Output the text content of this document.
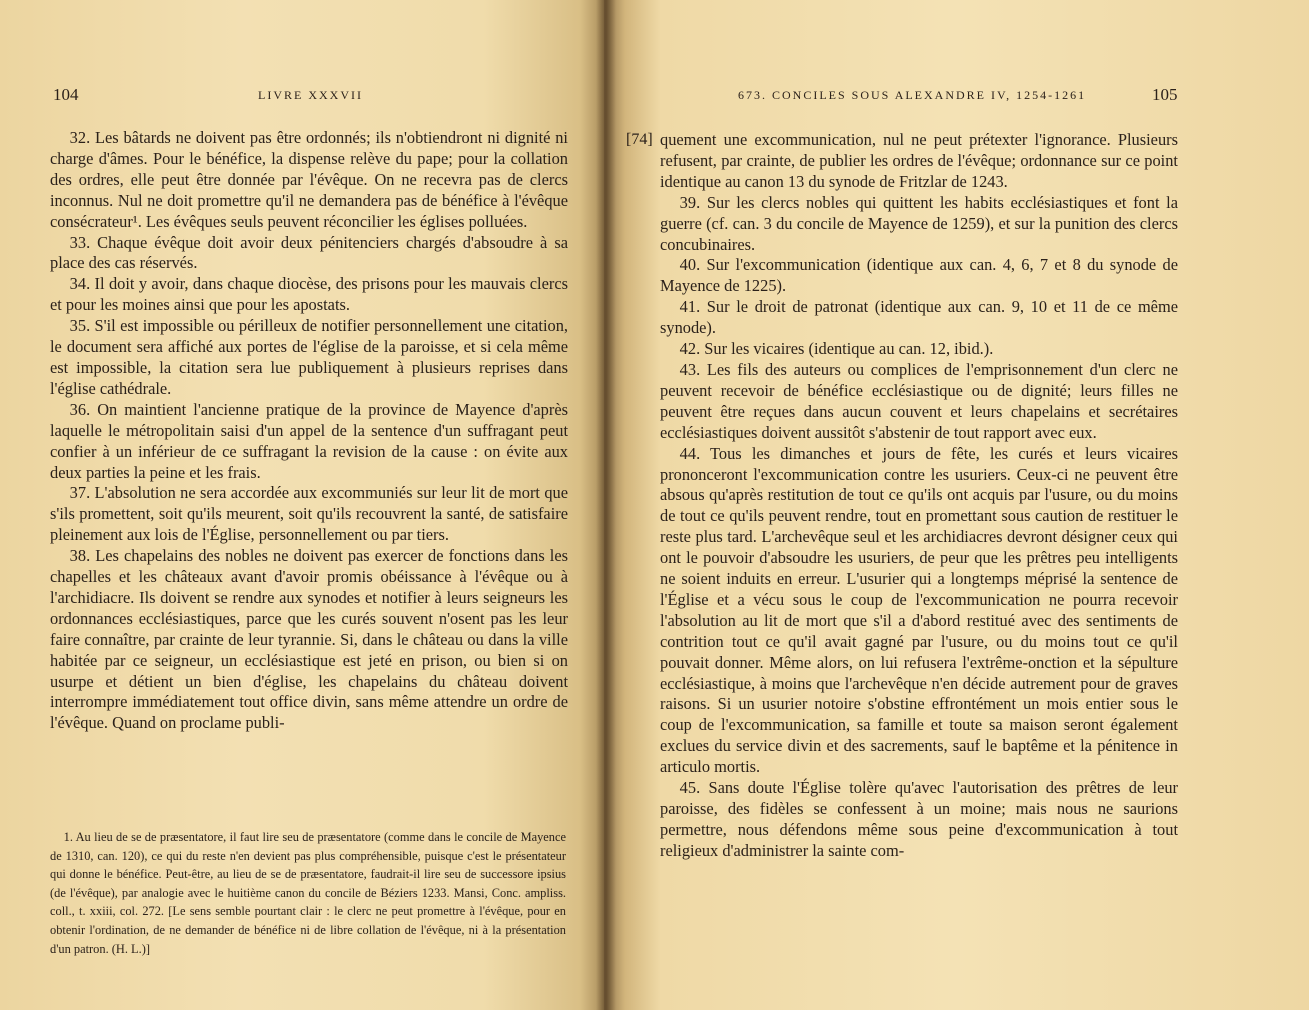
104	LIVRE XXXVII

32. Les bâtards ne doivent pas être ordonnés; ils n'obtiendront ni dignité ni charge d'âmes. Pour le bénéfice, la dispense relève du pape; pour la collation des ordres, elle peut être donnée par l'évêque. On ne recevra pas de clercs inconnus. Nul ne doit promettre qu'il ne demandera pas de bénéfice à l'évêque consécrateur¹. Les évêques seuls peuvent réconcilier les églises polluées.

33. Chaque évêque doit avoir deux pénitenciers chargés d'absoudre à sa place des cas réservés.

34. Il doit y avoir, dans chaque diocèse, des prisons pour les mauvais clercs et pour les moines ainsi que pour les apostats.

35. S'il est impossible ou périlleux de notifier personnellement une citation, le document sera affiché aux portes de l'église de la paroisse, et si cela même est impossible, la citation sera lue publiquement à plusieurs reprises dans l'église cathédrale.

36. On maintient l'ancienne pratique de la province de Mayence d'après laquelle le métropolitain saisi d'un appel de la sentence d'un suffragant peut confier à un inférieur de ce suffragant la revision de la cause : on évite aux deux parties la peine et les frais.

37. L'absolution ne sera accordée aux excommuniés sur leur lit de mort que s'ils promettent, soit qu'ils meurent, soit qu'ils recouvrent la santé, de satisfaire pleinement aux lois de l'Église, personnellement ou par tiers.

38. Les chapelains des nobles ne doivent pas exercer de fonctions dans les chapelles et les châteaux avant d'avoir promis obéissance à l'évêque ou à l'archidiacre. Ils doivent se rendre aux synodes et notifier à leurs seigneurs les ordonnances ecclésiastiques, parce que les curés souvent n'osent pas les leur faire connaître, par crainte de leur tyrannie. Si, dans le château ou dans la ville habitée par ce seigneur, un ecclésiastique est jeté en prison, ou bien si on usurpe et détient un bien d'église, les chapelains du château doivent interrompre immédiatement tout office divin, sans même attendre un ordre de l'évêque. Quand on proclame publi-

1. Au lieu de se de præsentatore, il faut lire seu de præsentatore (comme dans le concile de Mayence de 1310, can. 120), ce qui du reste n'en devient pas plus compréhensible, puisque c'est le présentateur qui donne le bénéfice. Peut-être, au lieu de se de præsentatore, faudrait-il lire seu de successore ipsius (de l'évêque), par analogie avec le huitième canon du concile de Béziers 1233. Mansi, Conc. ampliss. coll., t. xxiii, col. 272. [Le sens semble pourtant clair : le clerc ne peut promettre à l'évêque, pour en obtenir l'ordination, de ne demander de bénéfice ni de libre collation de l'évêque, ni à la présentation d'un patron. (H. L.)]

673. CONCILES SOUS ALEXANDRE IV, 1254-1261	105
[74] quement une excommunication, nul ne peut prétexter l'ignorance. Plusieurs refusent, par crainte, de publier les ordres de l'évêque; ordonnance sur ce point identique au canon 13 du synode de Fritzlar de 1243.

39. Sur les clercs nobles qui quittent les habits ecclésiastiques et font la guerre (cf. can. 3 du concile de Mayence de 1259), et sur la punition des clercs concubinaires.

40. Sur l'excommunication (identique aux can. 4, 6, 7 et 8 du synode de Mayence de 1225).

41. Sur le droit de patronat (identique aux can. 9, 10 et 11 de ce même synode).

42. Sur les vicaires (identique au can. 12, ibid.).

43. Les fils des auteurs ou complices de l'emprisonnement d'un clerc ne peuvent recevoir de bénéfice ecclésiastique ou de dignité; leurs filles ne peuvent être reçues dans aucun couvent et leurs chapelains et secrétaires ecclésiastiques doivent aussitôt s'abstenir de tout rapport avec eux.

44. Tous les dimanches et jours de fête, les curés et leurs vicaires prononceront l'excommunication contre les usuriers. Ceux-ci ne peuvent être absous qu'après restitution de tout ce qu'ils ont acquis par l'usure, ou du moins de tout ce qu'ils peuvent rendre, tout en promettant sous caution de restituer le reste plus tard. L'archevêque seul et les archidiacres devront désigner ceux qui ont le pouvoir d'absoudre les usuriers, de peur que les prêtres peu intelligents ne soient induits en erreur. L'usurier qui a longtemps méprisé la sentence de l'Église et a vécu sous le coup de l'excommunication ne pourra recevoir l'absolution au lit de mort que s'il a d'abord restitué avec des sentiments de contrition tout ce qu'il avait gagné par l'usure, ou du moins tout ce qu'il pouvait donner. Même alors, on lui refusera l'extrême-onction et la sépulture ecclésiastique, à moins que l'archevêque n'en décide autrement pour de graves raisons. Si un usurier notoire s'obstine effrontément un mois entier sous le coup de l'excommunication, sa famille et toute sa maison seront également exclues du service divin et des sacrements, sauf le baptême et la pénitence in articulo mortis.

45. Sans doute l'Église tolère qu'avec l'autorisation des prêtres de leur paroisse, des fidèles se confessent à un moine; mais nous ne saurions permettre, nous défendons même sous peine d'excommunication à tout religieux d'administrer la sainte com-
